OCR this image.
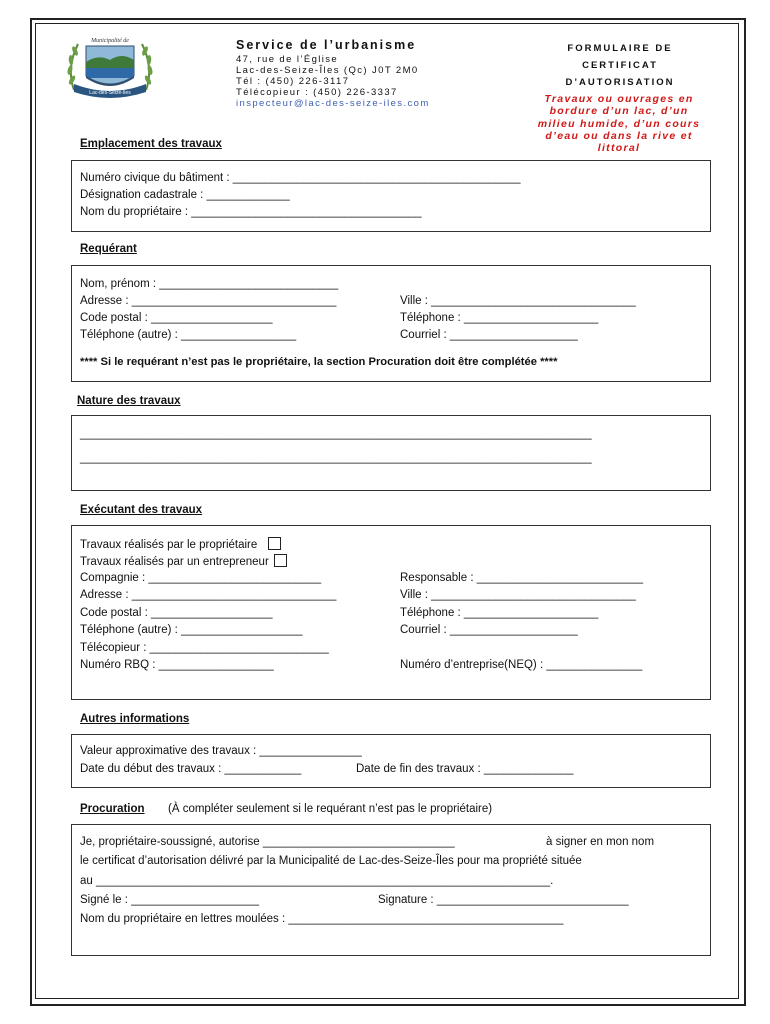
Municipalité de
Lac-des-Seize-Îles
Service de l’urbanisme
47, rue de l’Église
Lac-des-Seize-Îles (Qc) J0T 2M0
Tél : (450) 226-3117
Télécopieur : (450) 226-3337
inspecteur@lac-des-seize-iles.com
FORMULAIRE DE
CERTIFICAT
D’AUTORISATION
Travaux ou ouvrages en
bordure d’un lac, d’un
milieu humide, d’un cours
d’eau ou dans la rive et
littoral
Emplacement des travaux
Numéro civique du bâtiment : _____________________________________________
Désignation cadastrale : _____________
Nom du propriétaire : ____________________________________
Requérant
Nom, prénom : ____________________________
Adresse : ________________________________	Ville : ________________________________
Code postal : ___________________	Téléphone : _____________________
Téléphone (autre) : __________________	Courriel : ____________________
**** Si le requérant n’est pas le propriétaire, la section Procuration doit être complétée ****
Nature des travaux
________________________________________________________________________________
________________________________________________________________________________
Exécutant des travaux
Travaux réalisés par le propriétaire
Travaux réalisés par un entrepreneur
Compagnie : ___________________________	Responsable : __________________________
Adresse : ________________________________	Ville : ________________________________
Code postal : ___________________	Téléphone : _____________________
Téléphone (autre) : ___________________	Courriel : ____________________
Télécopieur : ____________________________
Numéro RBQ : __________________	Numéro d’entreprise(NEQ) : _______________
Autres informations
Valeur approximative des travaux : ________________
Date du début des travaux : ____________	Date de fin des travaux : ______________
Procuration (À compléter seulement si le requérant n’est pas le propriétaire)
Je, propriétaire-soussigné, autorise ______________________________	à signer en mon nom
le certificat d’autorisation délivré par la Municipalité de Lac-des-Seize-Îles pour ma propriété située
au _______________________________________________________________________.
Signé le : ____________________	Signature : ______________________________
Nom du propriétaire en lettres moulées : ___________________________________________
